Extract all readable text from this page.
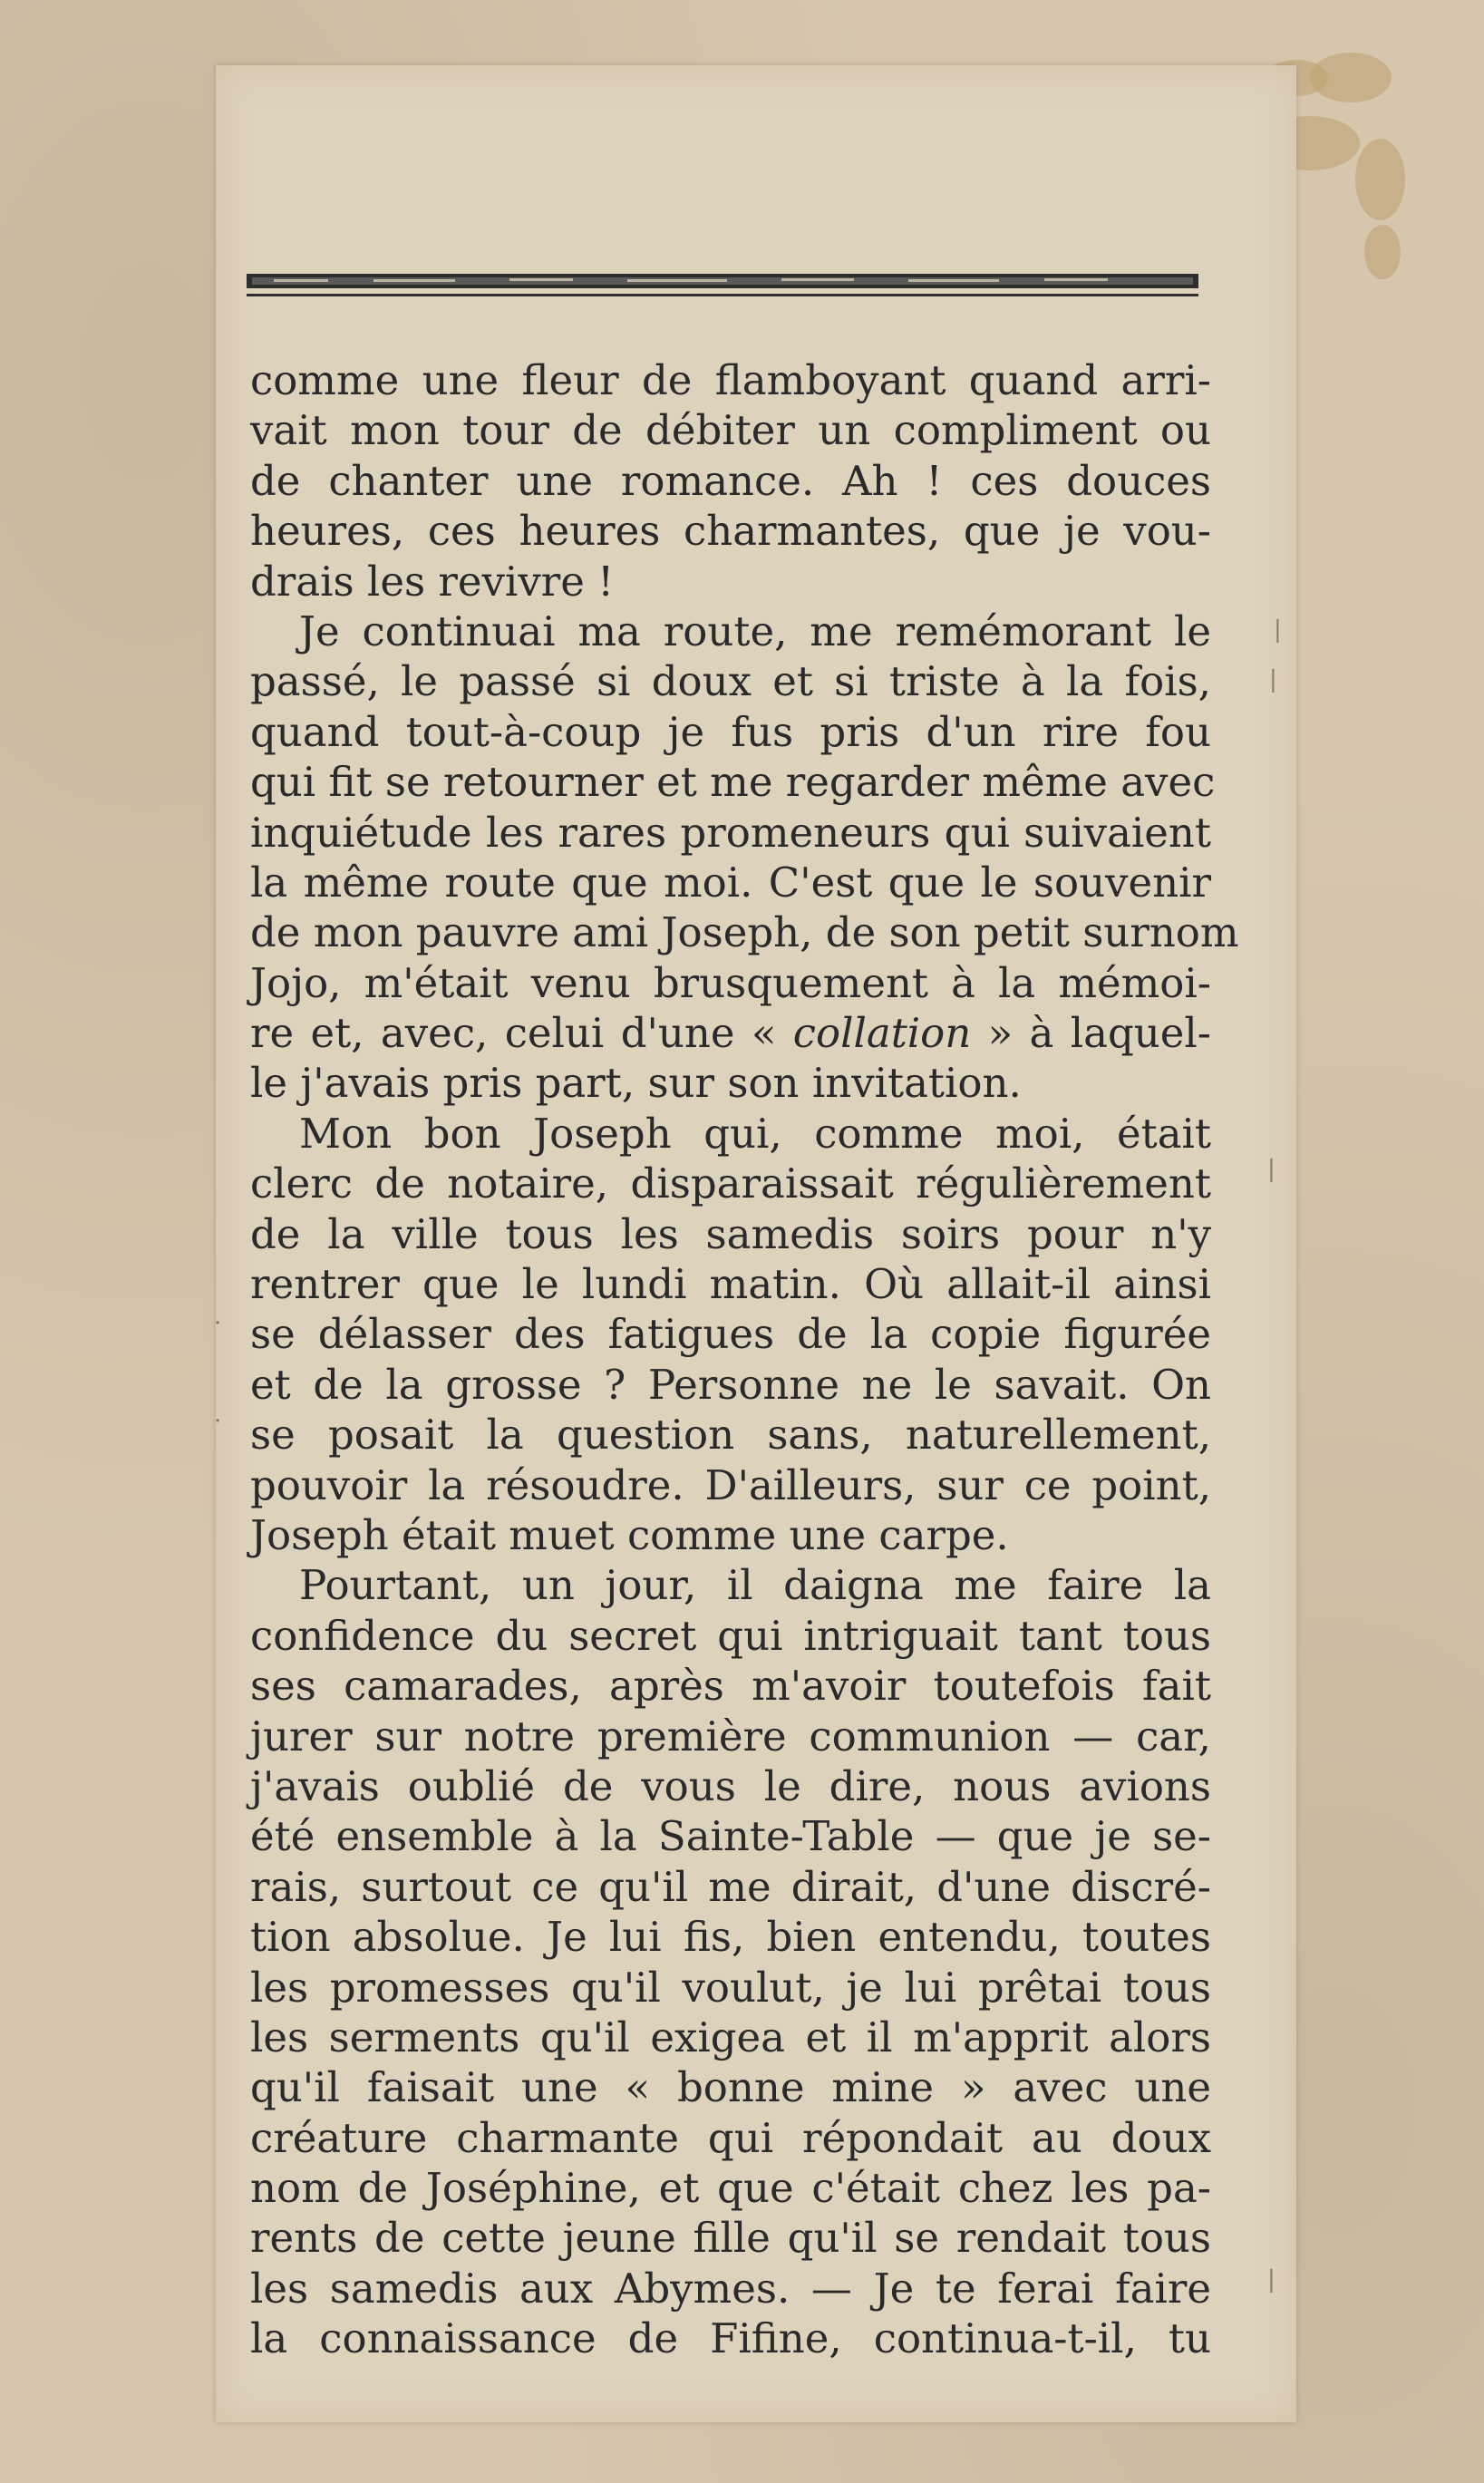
comme une fleur de flamboyant quand arri-
vait mon tour de débiter un compliment ou
de chanter une romance. Ah ! ces douces
heures, ces heures charmantes, que je vou-
drais les revivre !
Je continuai ma route, me remémorant le
passé, le passé si doux et si triste à la fois,
quand tout-à-coup je fus pris d'un rire fou
qui fit se retourner et me regarder même avec
inquiétude les rares promeneurs qui suivaient
la même route que moi. C'est que le souvenir
de mon pauvre ami Joseph, de son petit surnom
Jojo, m'était venu brusquement à la mémoi-
re et, avec, celui d'une « collation » à laquel-
le j'avais pris part, sur son invitation.
Mon bon Joseph qui, comme moi, était
clerc de notaire, disparaissait régulièrement
de la ville tous les samedis soirs pour n'y
rentrer que le lundi matin. Où allait-il ainsi
se délasser des fatigues de la copie figurée
et de la grosse ? Personne ne le savait. On
se posait la question sans, naturellement,
pouvoir la résoudre. D'ailleurs, sur ce point,
Joseph était muet comme une carpe.
Pourtant, un jour, il daigna me faire la
confidence du secret qui intriguait tant tous
ses camarades, après m'avoir toutefois fait
jurer sur notre première communion — car,
j'avais oublié de vous le dire, nous avions
été ensemble à la Sainte-Table — que je se-
rais, surtout ce qu'il me dirait, d'une discré-
tion absolue. Je lui fis, bien entendu, toutes
les promesses qu'il voulut, je lui prêtai tous
les serments qu'il exigea et il m'apprit alors
qu'il faisait une « bonne mine » avec une
créature charmante qui répondait au doux
nom de Joséphine, et que c'était chez les pa-
rents de cette jeune fille qu'il se rendait tous
les samedis aux Abymes. — Je te ferai faire
la connaissance de Fifine, continua-t-il, tu
|
|
|
·
·
|
